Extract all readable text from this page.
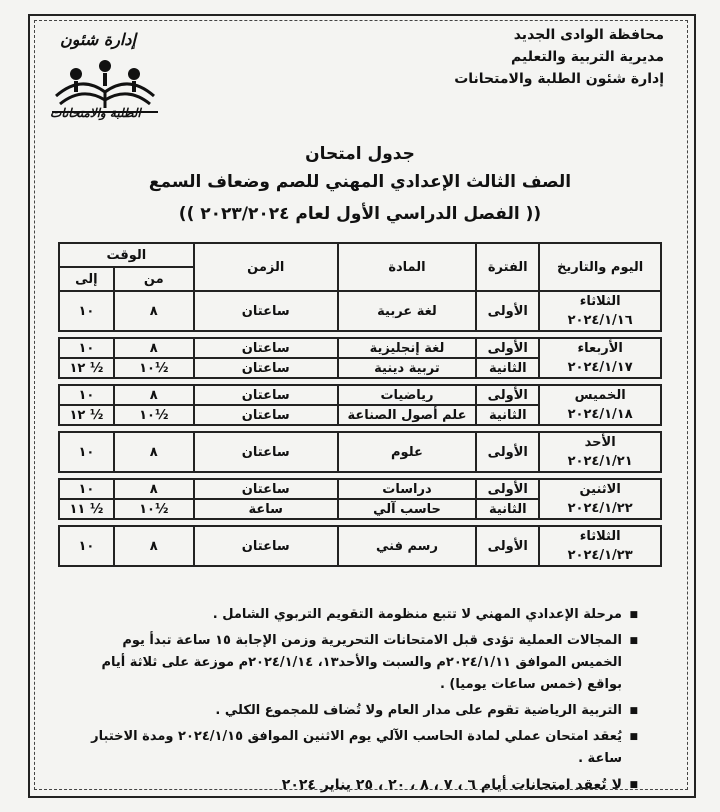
محافظة الوادى الجديد
مديرية التربية والتعليم
إدارة شئون الطلبة والامتحانات
إدارة شئون
الطلبة والامتحانات
جدول امتحان
الصف الثالث الإعدادي المهني للصم وضعاف السمع
(( الفصل الدراسي الأول لعام ٢٠٢٣/٢٠٢٤ ))
اليوم والتاريخ	الفترة	المادة	الزمن	الوقت	
				من	إلى

الثلاثاء
٢٠٢٤/١/١٦	الأولى	لغة عربية	ساعتان	٨	١٠

الأربعاء
٢٠٢٤/١/١٧	الأولى	لغة إنجليزية	ساعتان	٨	١٠
	الثانية	تربية دينية	ساعتان	½١٠	½ ١٢

الخميس
٢٠٢٤/١/١٨	الأولى	رياضيات	ساعتان	٨	١٠
	الثانية	علم أصول الصناعة	ساعتان	½١٠	½ ١٢

الأحد
٢٠٢٤/١/٢١	الأولى	علوم	ساعتان	٨	١٠

الاثنين
٢٠٢٤/١/٢٢	الأولى	دراسات	ساعتان	٨	١٠
	الثانية	حاسب آلي	ساعة	½١٠	½ ١١

الثلاثاء
٢٠٢٤/١/٢٣	الأولى	رسم فني	ساعتان	٨	١٠
■ مرحلة الإعدادي المهني لا تتبع منظومة التقويم التربوي الشامل .
■ المجالات العملية تؤدى قبل الامتحانات التحريرية وزمن الإجابة ١٥ ساعة تبدأ يوم الخميس الموافق ٢٠٢٤/١/١١م والسبت والأحد١٣، ٢٠٢٤/١/١٤م موزعة على ثلاثة أيام بواقع (خمس ساعات يوميا) .
■ التربية الرياضية تقوم على مدار العام ولا تُضاف للمجموع الكلي .
■ يُعقد امتحان عملي لمادة الحاسب الآلي يوم الاثنين الموافق ٢٠٢٤/١/١٥ ومدة الاختبار ساعة .
■ لا تُعقد امتحانات أيام ٦ ، ٧ ، ٨ ، ٢٠ ، ٢٥ يناير ٢٠٢٤
